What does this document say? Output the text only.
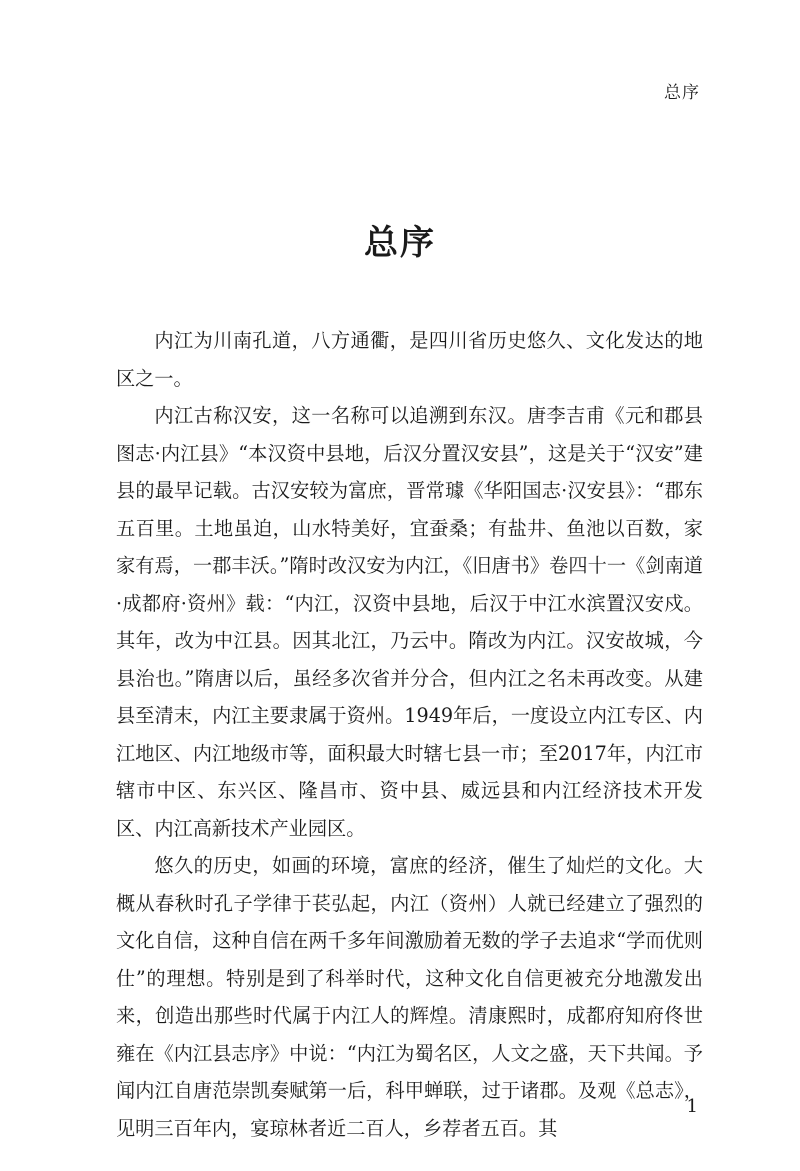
总序
总序

内江为川南孔道，八方通衢，是四川省历史悠久、文化发达的地区之一。

内江古称汉安，这一名称可以追溯到东汉。唐李吉甫《元和郡县图志·内江县》“本汉资中县地，后汉分置汉安县”，这是关于“汉安”建县的最早记载。古汉安较为富庶，晋常璩《华阳国志·汉安县》：“郡东五百里。土地虽迫，山水特美好，宜蚕桑；有盐井、鱼池以百数，家家有焉，一郡丰沃。”隋时改汉安为内江，《旧唐书》卷四十一《剑南道·成都府·资州》载：“内江，汉资中县地，后汉于中江水滨置汉安戍。其年，改为中江县。因其北江，乃云中。隋改为内江。汉安故城，今县治也。”隋唐以后，虽经多次省并分合，但内江之名未再改变。从建县至清末，内江主要隶属于资州。1949年后，一度设立内江专区、内江地区、内江地级市等，面积最大时辖七县一市；至2017年，内江市辖市中区、东兴区、隆昌市、资中县、威远县和内江经济技术开发区、内江高新技术产业园区。

悠久的历史，如画的环境，富庶的经济，催生了灿烂的文化。大概从春秋时孔子学律于苌弘起，内江（资州）人就已经建立了强烈的文化自信，这种自信在两千多年间激励着无数的学子去追求“学而优则仕”的理想。特别是到了科举时代，这种文化自信更被充分地激发出来，创造出那些时代属于内江人的辉煌。清康熙时，成都府知府佟世雍在《内江县志序》中说：“内江为蜀名区，人文之盛，天下共闻。予闻内江自唐范崇凯奏赋第一后，科甲蝉联，过于诸郡。及观《总志》，见明三百年内，宴琼林者近二百人，乡荐者五百。其

1
